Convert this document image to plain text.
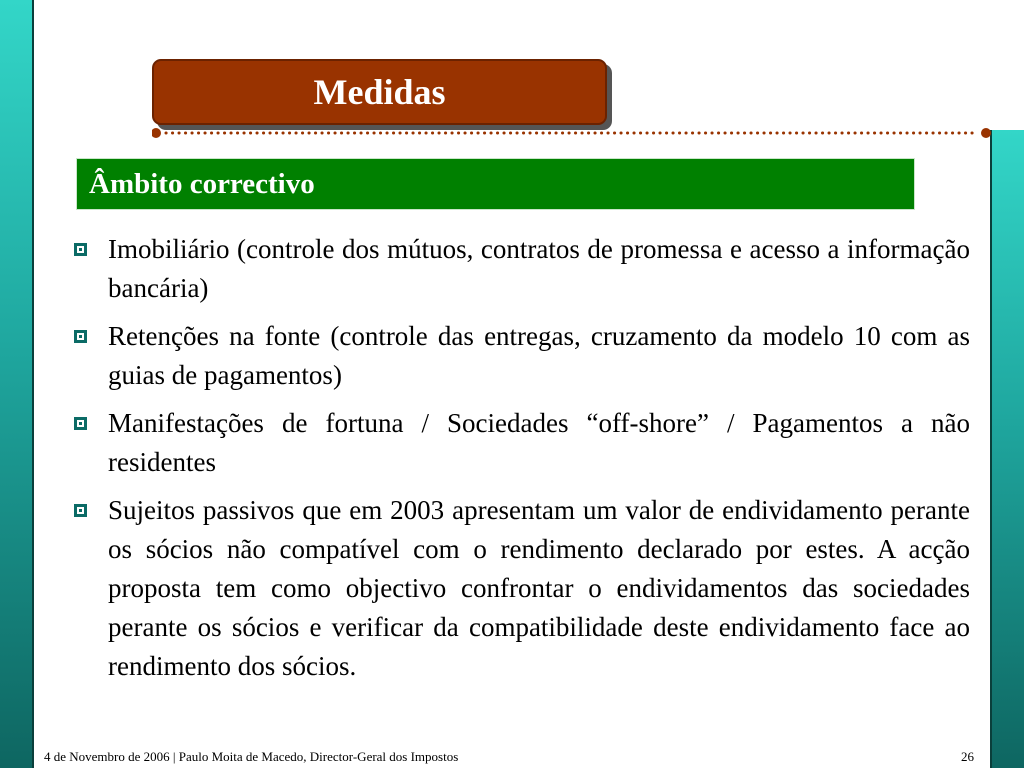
Medidas
Âmbito correctivo
Imobiliário (controle dos mútuos, contratos de promessa e acesso a informação bancária)
Retenções na fonte (controle das entregas, cruzamento da modelo 10 com as guias de pagamentos)
Manifestações de fortuna / Sociedades “off-shore” / Pagamentos a não residentes
Sujeitos passivos que em 2003 apresentam um valor de endividamento perante os sócios não compatível com o rendimento declarado por estes. A acção proposta tem como objectivo confrontar o endividamentos das sociedades perante os sócios e verificar da compatibilidade deste endividamento face ao rendimento dos sócios.
4 de Novembro de 2006 | Paulo Moita de Macedo, Director-Geral dos Impostos	26
